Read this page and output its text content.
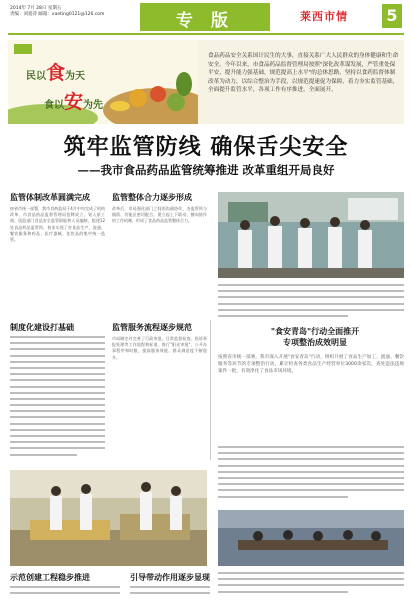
2014年 7月 28日 星期五
责编：刘爱萍 邮箱：xaeting0121@126.com	专 版	莱西市情 5
民以食为天
食以安为先
食品药品安全关系国计民生的大事，直接关系广大人民群众的身体健康和生命安全。今年以来，市食品药品监督管理局按照"深化改革谋发展，严管重处保平安，提升能力强基础，规范提高上水平"的总体思路，坚持以食药监督体制改革为动力，以综合整治为手段，以规范提速促为保障，着力夯实监管基础，全面提升监管水平，各项工作有序推进，全面展开。
筑牢监管防线 确保舌尖安全
——我市食品药品监管统筹推进 改革重组开局良好
监管体制改革圆满完成
按省市统一部署，我市食药监局于4月中旬完成了机构改革，市食品药品监督管理局挂牌成立，划入原工商、质监部门食品安全监管职能和人员编制，组建12处食品药品监管所，初步实现了对食品生产、流通、餐饮服务和药品、医疗器械、化妆品的集中统一监管。
监管整体合力逐步形成
改革后，市局强化部门之间的沟通协作，各监管所与镇街、功能区密切配合，建立起上下联动、横向协作的工作机制，形成了食品药品监管整体合力。
制度化建设打基础	监管服务流程逐步规范
市局制定并完善了行政审批、日常监督检查、投诉举报处理等工作流程和标准，推行"阳光审批"，公开办事程序和时限，提高服务效能，群众满意度不断提升。
"食安青岛"行动全面推开
专项整治成效明显
按照省市统一部署，我市深入开展"食安青岛"行动，组织开展了食品生产加工、流通、餐饮服务等环节的专项整治行动，累计检查各类食品生产经营单位3000余家次，查处违法违规案件一批，有效净化了食品市场环境。
示范创建工程稳步推进	引导带动作用逐步显现
